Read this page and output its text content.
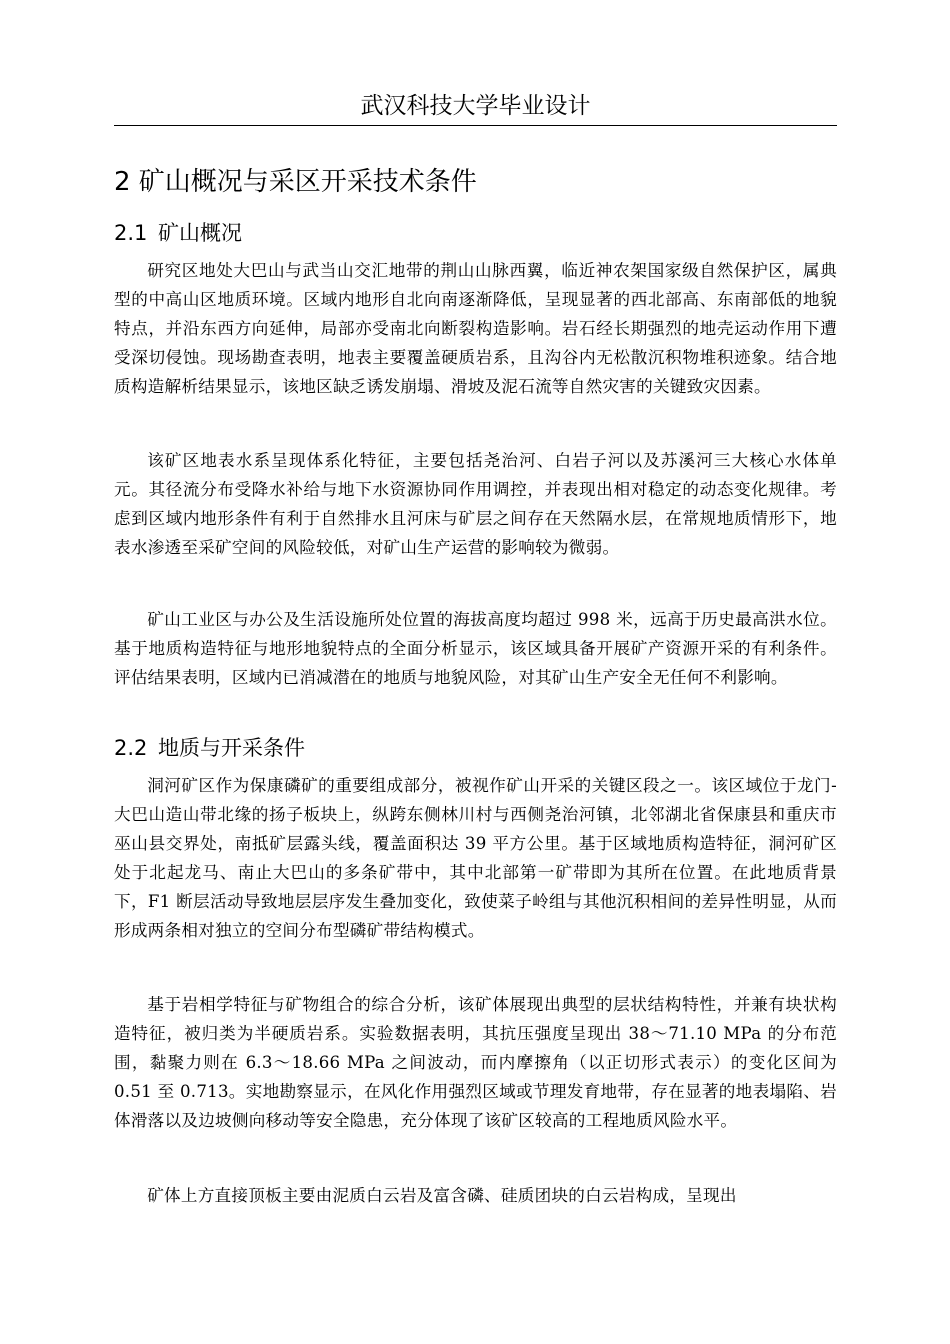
武汉科技大学毕业设计
2 矿山概况与采区开采技术条件
2.1 矿山概况

研究区地处大巴山与武当山交汇地带的荆山山脉西翼，临近神农架国家级自然保护区，属典型的中高山区地质环境。区域内地形自北向南逐渐降低，呈现显著的西北部高、东南部低的地貌特点，并沿东西方向延伸，局部亦受南北向断裂构造影响。岩石经长期强烈的地壳运动作用下遭受深切侵蚀。现场勘查表明，地表主要覆盖硬质岩系，且沟谷内无松散沉积物堆积迹象。结合地质构造解析结果显示，该地区缺乏诱发崩塌、滑坡及泥石流等自然灾害的关键致灾因素。

该矿区地表水系呈现体系化特征，主要包括尧治河、白岩子河以及苏溪河三大核心水体单元。其径流分布受降水补给与地下水资源协同作用调控，并表现出相对稳定的动态变化规律。考虑到区域内地形条件有利于自然排水且河床与矿层之间存在天然隔水层，在常规地质情形下，地表水渗透至采矿空间的风险较低，对矿山生产运营的影响较为微弱。

矿山工业区与办公及生活设施所处位置的海拔高度均超过 998 米，远高于历史最高洪水位。基于地质构造特征与地形地貌特点的全面分析显示，该区域具备开展矿产资源开采的有利条件。评估结果表明，区域内已消减潜在的地质与地貌风险，对其矿山生产安全无任何不利影响。

2.2 地质与开采条件

洞河矿区作为保康磷矿的重要组成部分，被视作矿山开采的关键区段之一。该区域位于龙门-大巴山造山带北缘的扬子板块上，纵跨东侧林川村与西侧尧治河镇，北邻湖北省保康县和重庆市巫山县交界处，南抵矿层露头线，覆盖面积达 39 平方公里。基于区域地质构造特征，洞河矿区处于北起龙马、南止大巴山的多条矿带中，其中北部第一矿带即为其所在位置。在此地质背景下，F1 断层活动导致地层层序发生叠加变化，致使菜子岭组与其他沉积相间的差异性明显，从而形成两条相对独立的空间分布型磷矿带结构模式。

基于岩相学特征与矿物组合的综合分析，该矿体展现出典型的层状结构特性，并兼有块状构造特征，被归类为半硬质岩系。实验数据表明，其抗压强度呈现出 38～71.10 MPa 的分布范围，黏聚力则在 6.3～18.66 MPa 之间波动，而内摩擦角（以正切形式表示）的变化区间为 0.51 至 0.713。实地勘察显示，在风化作用强烈区域或节理发育地带，存在显著的地表塌陷、岩体滑落以及边坡侧向移动等安全隐患，充分体现了该矿区较高的工程地质风险水平。

矿体上方直接顶板主要由泥质白云岩及富含磷、硅质团块的白云岩构成，呈现出
